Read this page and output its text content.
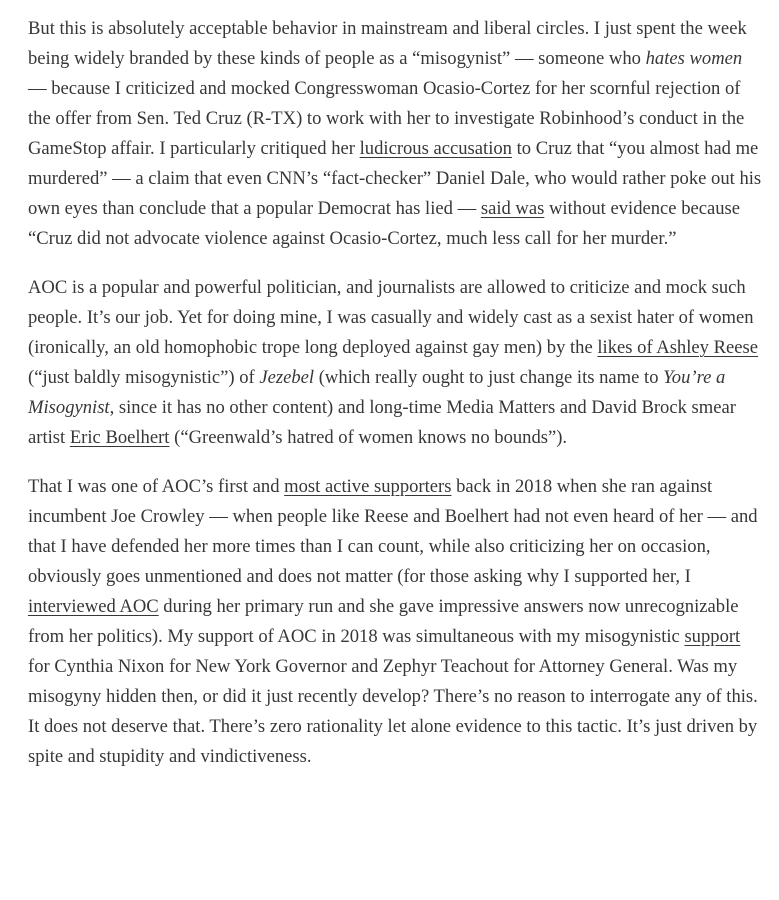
But this is absolutely acceptable behavior in mainstream and liberal circles. I just spent the week being widely branded by these kinds of people as a “misogynist” — someone who hates women — because I criticized and mocked Congresswoman Ocasio-Cortez for her scornful rejection of the offer from Sen. Ted Cruz (R-TX) to work with her to investigate Robinhood’s conduct in the GameStop affair. I particularly critiqued her ludicrous accusation to Cruz that “you almost had me murdered” — a claim that even CNN’s “fact-checker” Daniel Dale, who would rather poke out his own eyes than conclude that a popular Democrat has lied — said was without evidence because “Cruz did not advocate violence against Ocasio-Cortez, much less call for her murder.”

AOC is a popular and powerful politician, and journalists are allowed to criticize and mock such people. It’s our job. Yet for doing mine, I was casually and widely cast as a sexist hater of women (ironically, an old homophobic trope long deployed against gay men) by the likes of Ashley Reese (“just baldly misogynistic”) of Jezebel (which really ought to just change its name to You’re a Misogynist, since it has no other content) and long-time Media Matters and David Brock smear artist Eric Boelhert (“Greenwald’s hatred of women knows no bounds”).

That I was one of AOC’s first and most active supporters back in 2018 when she ran against incumbent Joe Crowley — when people like Reese and Boelhert had not even heard of her — and that I have defended her more times than I can count, while also criticizing her on occasion, obviously goes unmentioned and does not matter (for those asking why I supported her, I interviewed AOC during her primary run and she gave impressive answers now unrecognizable from her politics). My support of AOC in 2018 was simultaneous with my misogynistic support for Cynthia Nixon for New York Governor and Zephyr Teachout for Attorney General. Was my misogyny hidden then, or did it just recently develop? There’s no reason to interrogate any of this. It does not deserve that. There’s zero rationality let alone evidence to this tactic. It’s just driven by spite and stupidity and vindictiveness.
